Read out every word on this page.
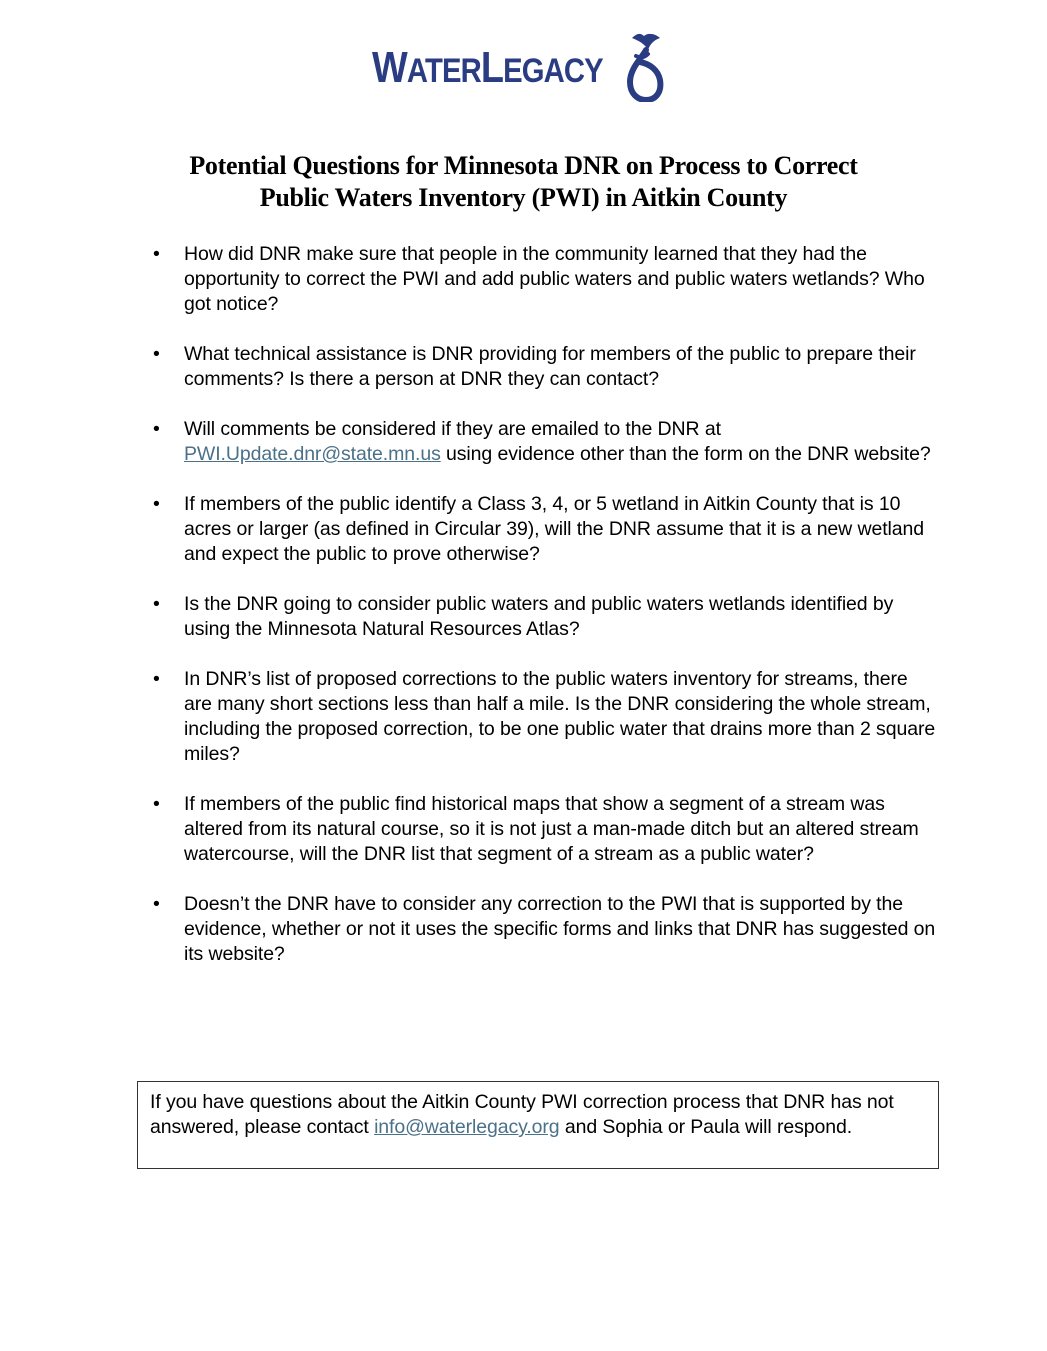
WATERLEGACY
Potential Questions for Minnesota DNR on Process to Correct
Public Waters Inventory (PWI) in Aitkin County
• How did DNR make sure that people in the community learned that they had the opportunity to correct the PWI and add public waters and public waters wetlands? Who got notice?
• What technical assistance is DNR providing for members of the public to prepare their comments? Is there a person at DNR they can contact?
• Will comments be considered if they are emailed to the DNR at PWI.Update.dnr@state.mn.us using evidence other than the form on the DNR website?
• If members of the public identify a Class 3, 4, or 5 wetland in Aitkin County that is 10 acres or larger (as defined in Circular 39), will the DNR assume that it is a new wetland and expect the public to prove otherwise?
• Is the DNR going to consider public waters and public waters wetlands identified by using the Minnesota Natural Resources Atlas?
• In DNR’s list of proposed corrections to the public waters inventory for streams, there are many short sections less than half a mile. Is the DNR considering the whole stream, including the proposed correction, to be one public water that drains more than 2 square miles?
• If members of the public find historical maps that show a segment of a stream was altered from its natural course, so it is not just a man-made ditch but an altered stream watercourse, will the DNR list that segment of a stream as a public water?
• Doesn’t the DNR have to consider any correction to the PWI that is supported by the evidence, whether or not it uses the specific forms and links that DNR has suggested on its website?
If you have questions about the Aitkin County PWI correction process that DNR has not answered, please contact info@waterlegacy.org and Sophia or Paula will respond.
